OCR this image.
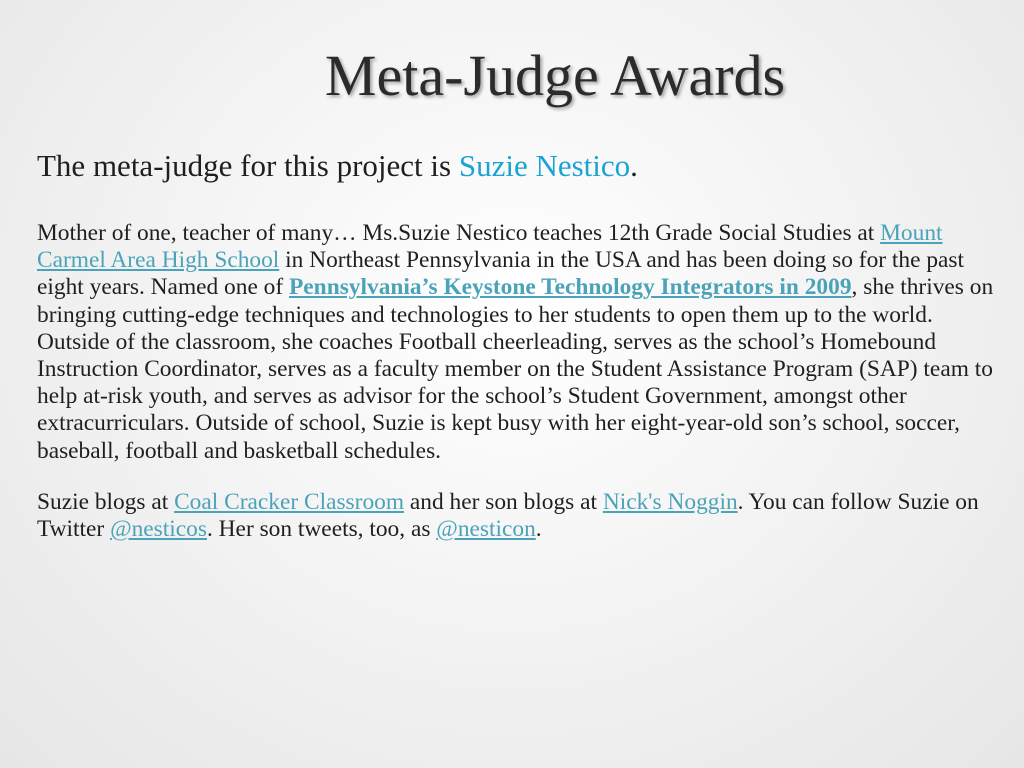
Meta-Judge Awards

The meta-judge for this project is Suzie Nestico.

Mother of one, teacher of many… Ms.Suzie Nestico teaches 12th Grade Social Studies at Mount Carmel Area High School in Northeast Pennsylvania in the USA and has been doing so for the past eight years. Named one of Pennsylvania’s Keystone Technology Integrators in 2009, she thrives on bringing cutting-edge techniques and technologies to her students to open them up to the world. Outside of the classroom, she coaches Football cheerleading, serves as the school’s Homebound Instruction Coordinator, serves as a faculty member on the Student Assistance Program (SAP) team to help at-risk youth, and serves as advisor for the school’s Student Government, amongst other extracurriculars. Outside of school, Suzie is kept busy with her eight-year-old son’s school, soccer, baseball, football and basketball schedules.

Suzie blogs at Coal Cracker Classroom and her son blogs at Nick's Noggin. You can follow Suzie on Twitter @nesticos. Her son tweets, too, as @nesticon.
